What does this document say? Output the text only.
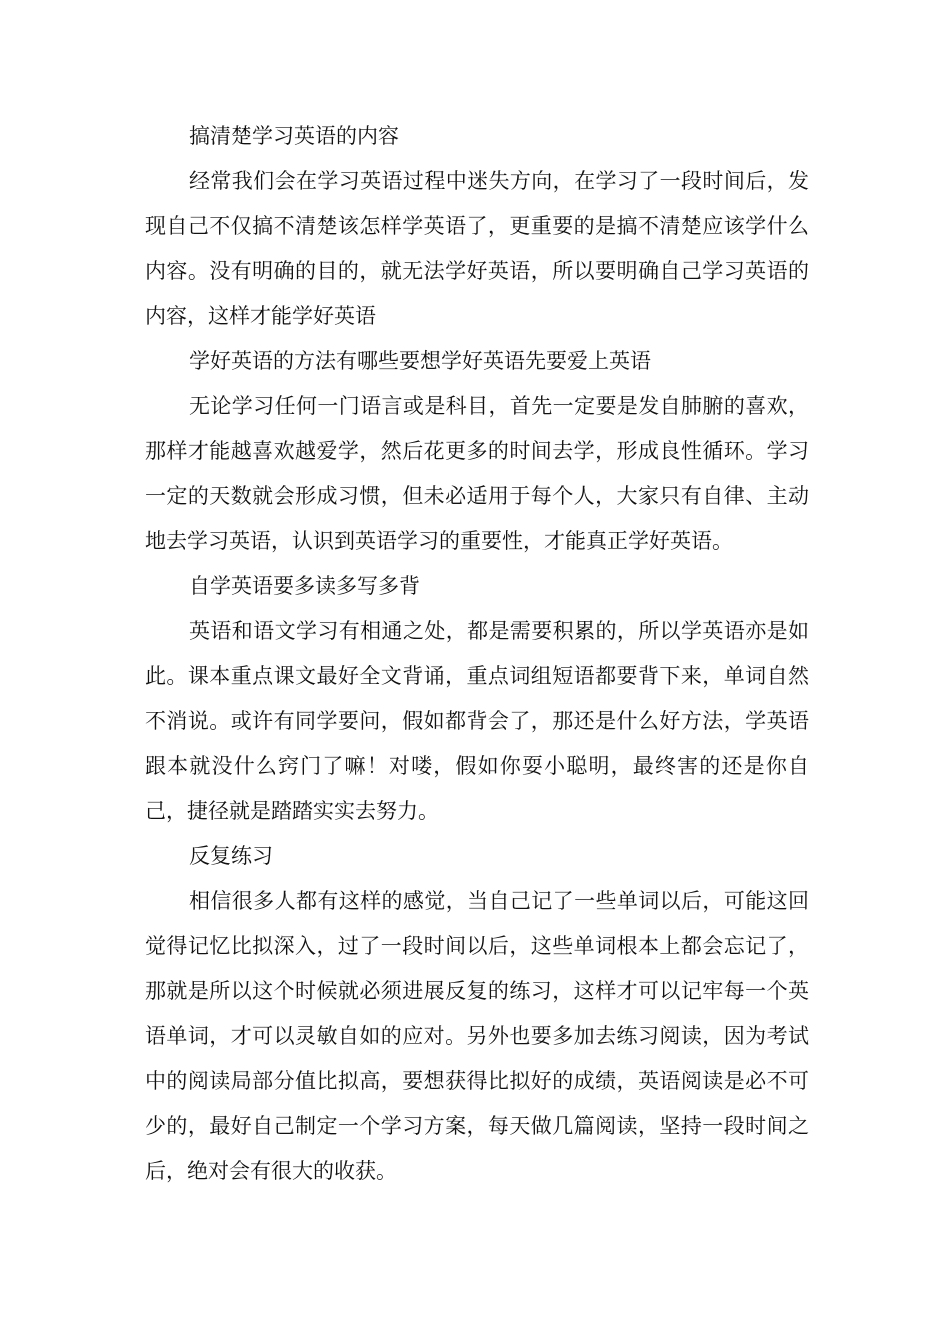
搞清楚学习英语的内容

经常我们会在学习英语过程中迷失方向，在学习了一段时间后，发现自己不仅搞不清楚该怎样学英语了，更重要的是搞不清楚应该学什么内容。没有明确的目的，就无法学好英语，所以要明确自己学习英语的内容，这样才能学好英语

学好英语的方法有哪些要想学好英语先要爱上英语

无论学习任何一门语言或是科目，首先一定要是发自肺腑的喜欢，那样才能越喜欢越爱学，然后花更多的时间去学，形成良性循环。学习一定的天数就会形成习惯，但未必适用于每个人，大家只有自律、主动地去学习英语，认识到英语学习的重要性，才能真正学好英语。

自学英语要多读多写多背

英语和语文学习有相通之处，都是需要积累的，所以学英语亦是如此。课本重点课文最好全文背诵，重点词组短语都要背下来，单词自然不消说。或许有同学要问，假如都背会了，那还是什么好方法，学英语跟本就没什么窍门了嘛！对喽，假如你耍小聪明，最终害的还是你自己，捷径就是踏踏实实去努力。

反复练习

相信很多人都有这样的感觉，当自己记了一些单词以后，可能这回觉得记忆比拟深入，过了一段时间以后，这些单词根本上都会忘记了，那就是所以这个时候就必须进展反复的练习，这样才可以记牢每一个英语单词，才可以灵敏自如的应对。另外也要多加去练习阅读，因为考试中的阅读局部分值比拟高，要想获得比拟好的成绩，英语阅读是必不可少的，最好自己制定一个学习方案，每天做几篇阅读，坚持一段时间之后，绝对会有很大的收获。
